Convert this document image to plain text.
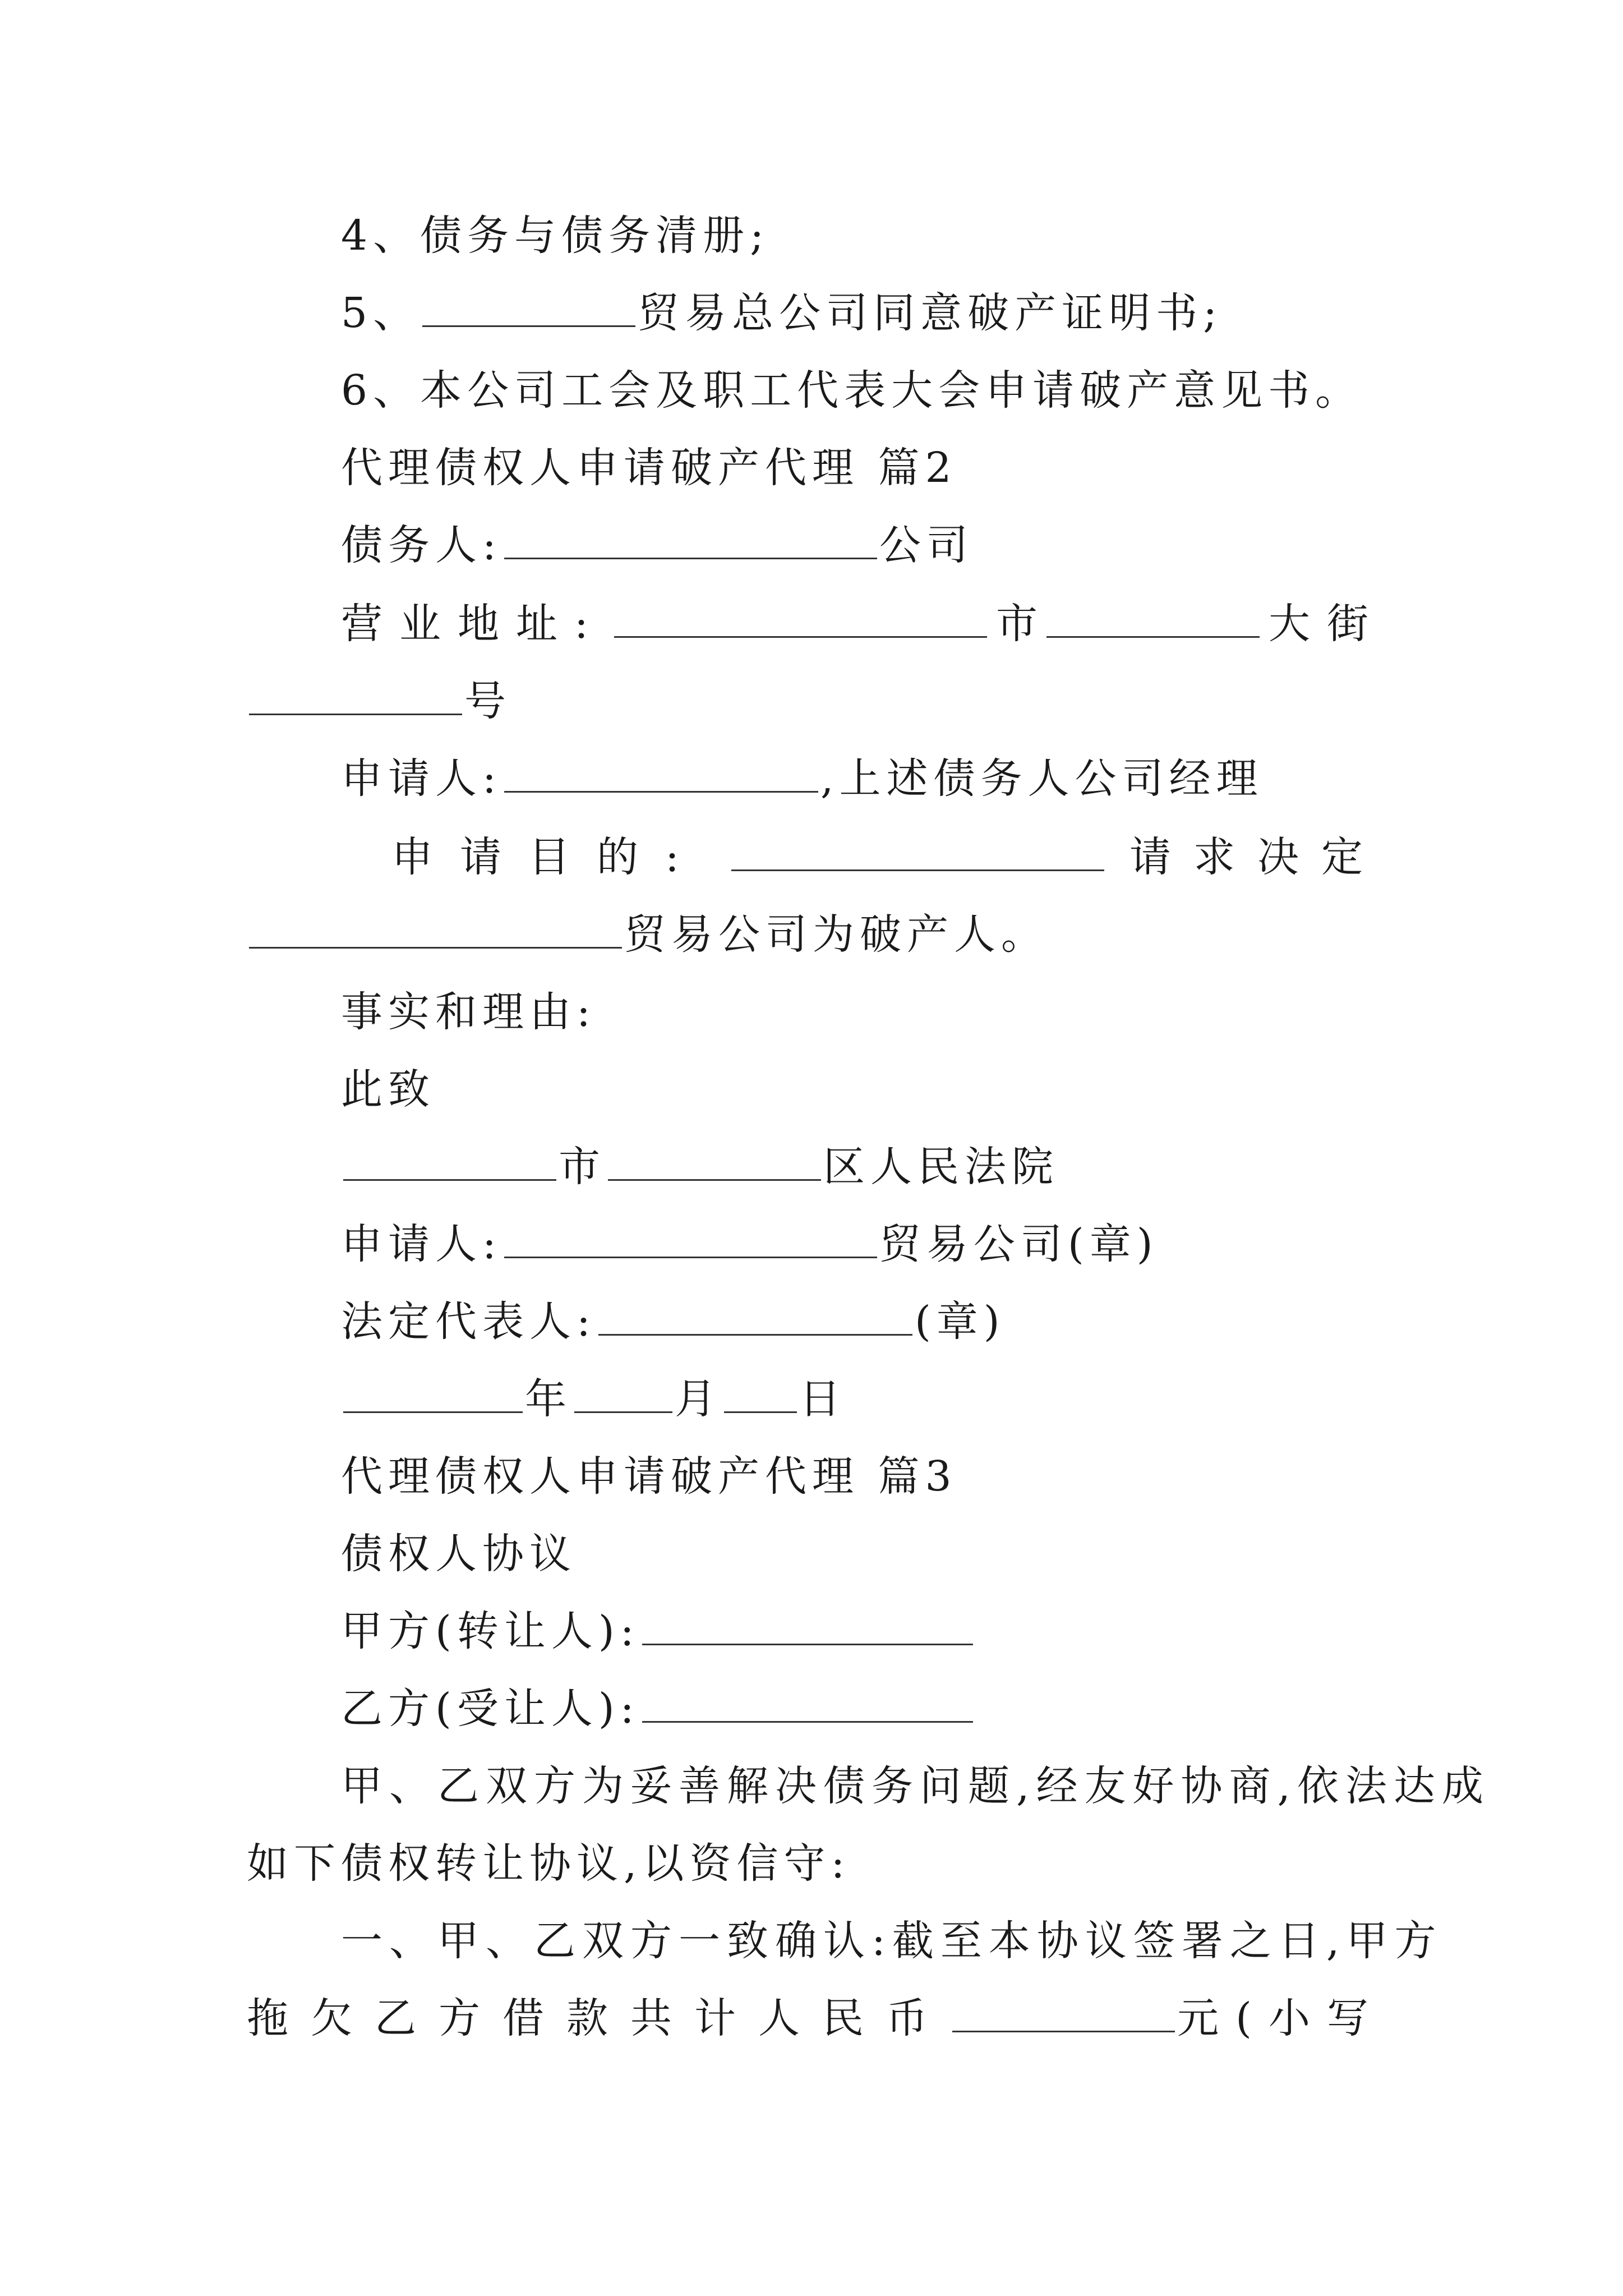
4、债务与债务清册;
5、	贸易总公司同意破产证明书;
6、本公司工会及职工代表大会申请破产意见书。
代理债权人申请破产代理 篇2
债务人:	公司
营业地址:	市	大街
号
申请人:	,上述债务人公司经理
申请目的:	请求决定
贸易公司为破产人。
事实和理由:
此致
市	区人民法院
申请人:	贸易公司(章)
法定代表人:	(章)
年 月 日
代理债权人申请破产代理 篇3
债权人协议
甲方(转让人):
乙方(受让人):
甲、乙双方为妥善解决债务问题,经友好协商,依法达成
如下债权转让协议,以资信守:
一、甲、乙双方一致确认:截至本协议签署之日,甲方
拖欠乙方借款共计人民币	元(小写
